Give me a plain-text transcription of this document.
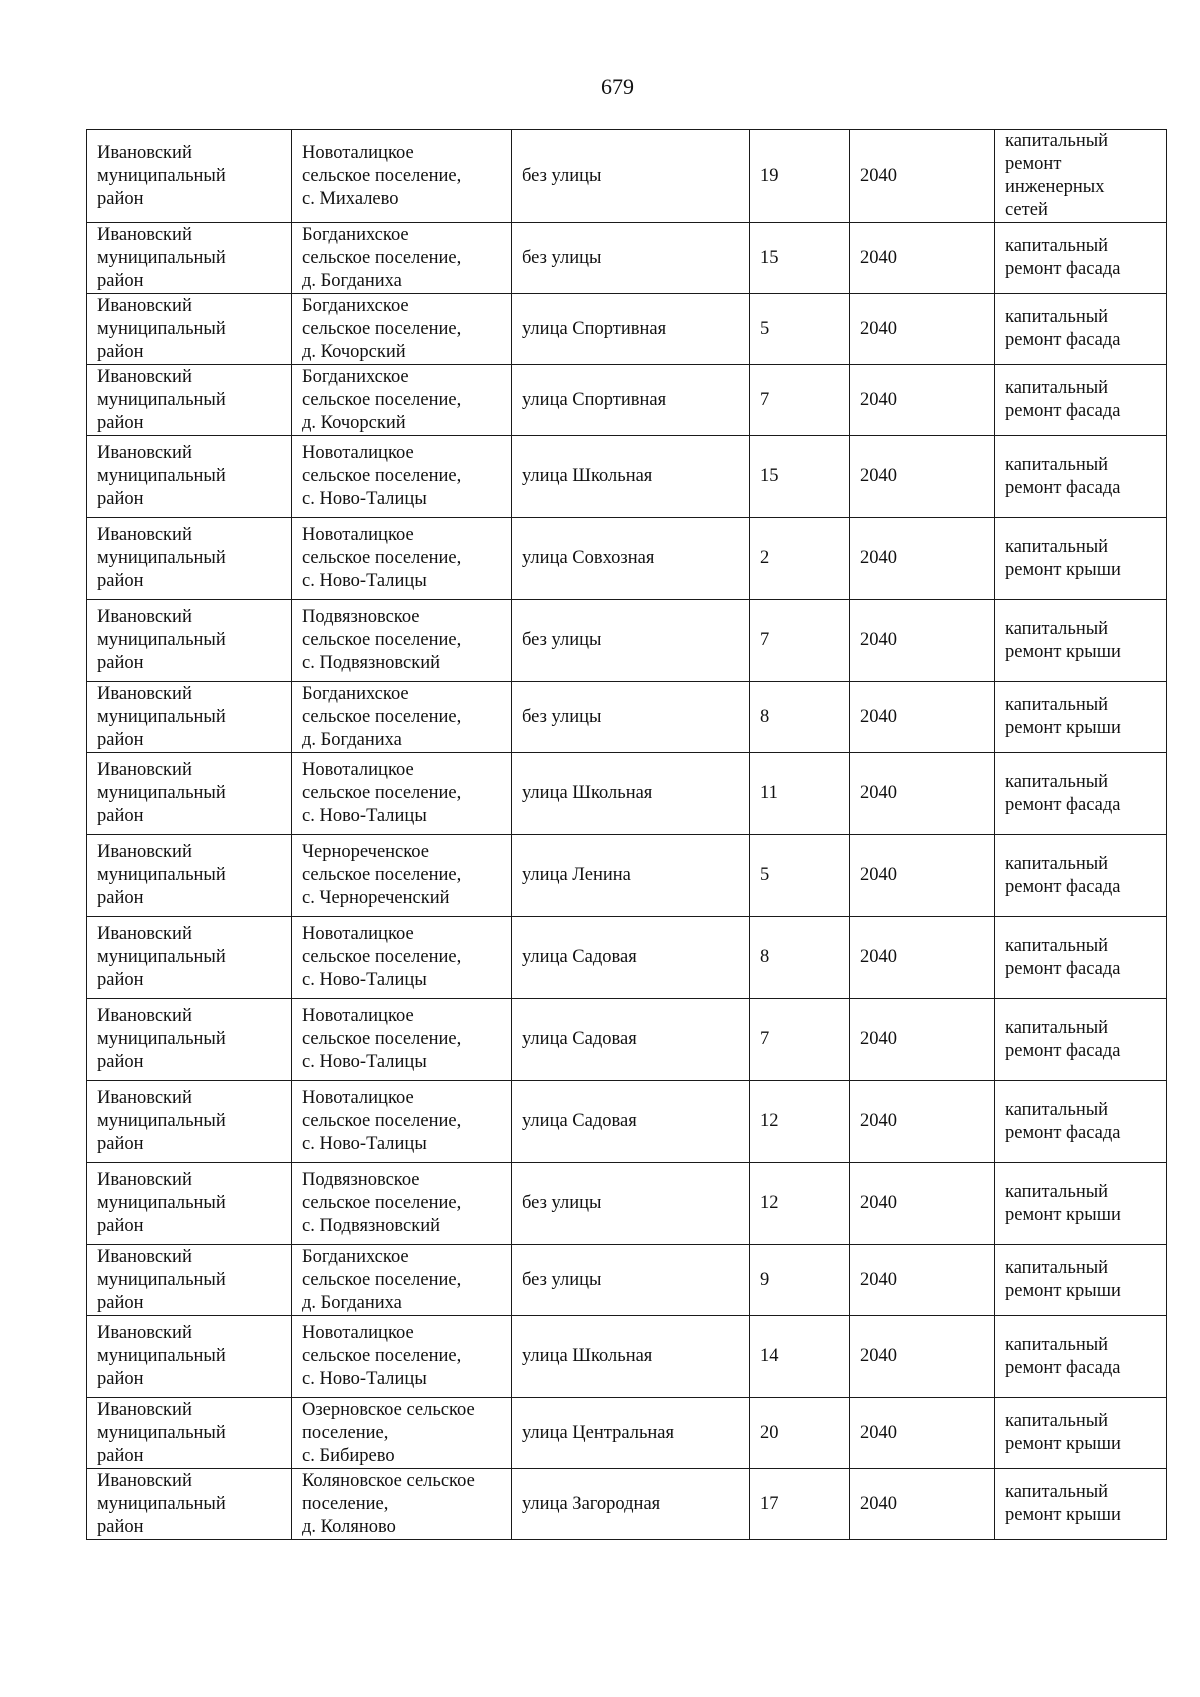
679
Ивановский
муниципальный
район	Новоталицкое
сельское поселение,
с. Михалево	без улицы	19	2040	капитальный
ремонт
инженерных
сетей
Ивановский
муниципальный
район	Богданихское
сельское поселение,
д. Богданиха	без улицы	15	2040	капитальный
ремонт фасада
Ивановский
муниципальный
район	Богданихское
сельское поселение,
д. Кочорский	улица Спортивная	5	2040	капитальный
ремонт фасада
Ивановский
муниципальный
район	Богданихское
сельское поселение,
д. Кочорский	улица Спортивная	7	2040	капитальный
ремонт фасада
Ивановский
муниципальный
район	Новоталицкое
сельское поселение,
с. Ново-Талицы	улица Школьная	15	2040	капитальный
ремонт фасада
Ивановский
муниципальный
район	Новоталицкое
сельское поселение,
с. Ново-Талицы	улица Совхозная	2	2040	капитальный
ремонт крыши
Ивановский
муниципальный
район	Подвязновское
сельское поселение,
с. Подвязновский	без улицы	7	2040	капитальный
ремонт крыши
Ивановский
муниципальный
район	Богданихское
сельское поселение,
д. Богданиха	без улицы	8	2040	капитальный
ремонт крыши
Ивановский
муниципальный
район	Новоталицкое
сельское поселение,
с. Ново-Талицы	улица Школьная	11	2040	капитальный
ремонт фасада
Ивановский
муниципальный
район	Чернореченское
сельское поселение,
с. Чернореченский	улица Ленина	5	2040	капитальный
ремонт фасада
Ивановский
муниципальный
район	Новоталицкое
сельское поселение,
с. Ново-Талицы	улица Садовая	8	2040	капитальный
ремонт фасада
Ивановский
муниципальный
район	Новоталицкое
сельское поселение,
с. Ново-Талицы	улица Садовая	7	2040	капитальный
ремонт фасада
Ивановский
муниципальный
район	Новоталицкое
сельское поселение,
с. Ново-Талицы	улица Садовая	12	2040	капитальный
ремонт фасада
Ивановский
муниципальный
район	Подвязновское
сельское поселение,
с. Подвязновский	без улицы	12	2040	капитальный
ремонт крыши
Ивановский
муниципальный
район	Богданихское
сельское поселение,
д. Богданиха	без улицы	9	2040	капитальный
ремонт крыши
Ивановский
муниципальный
район	Новоталицкое
сельское поселение,
с. Ново-Талицы	улица Школьная	14	2040	капитальный
ремонт фасада
Ивановский
муниципальный
район	Озерновское сельское
поселение,
с. Бибирево	улица Центральная	20	2040	капитальный
ремонт крыши
Ивановский
муниципальный
район	Коляновское сельское
поселение,
д. Коляново	улица Загородная	17	2040	капитальный
ремонт крыши
